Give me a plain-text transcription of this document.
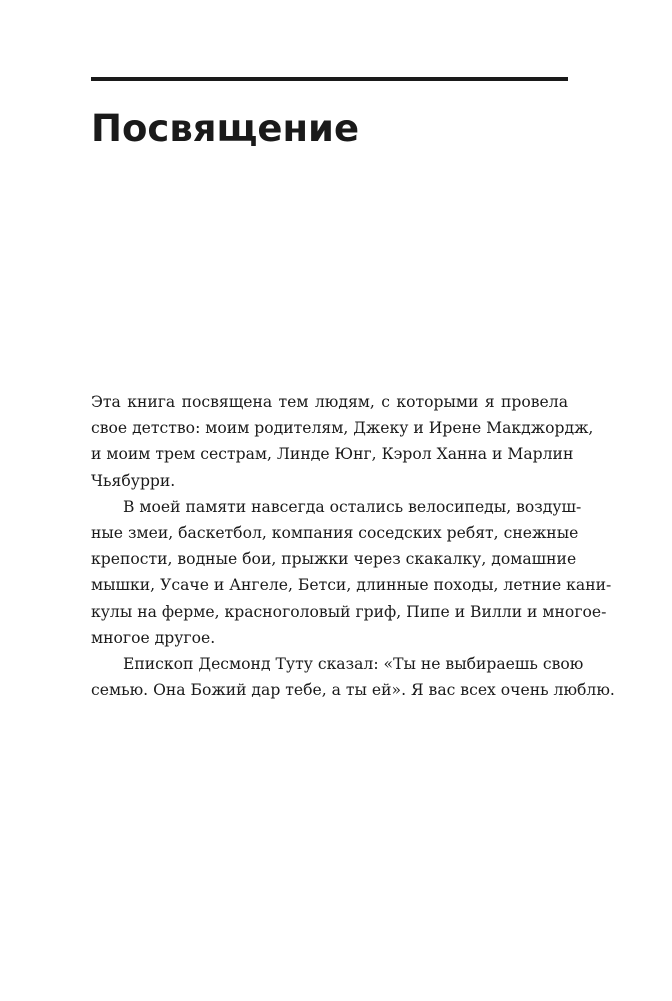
Посвящение

Эта книга посвящена тем людям, с которыми я провела
свое детство: моим родителям, Джеку и Ирене Макджордж,
и моим трем сестрам, Линде Юнг, Кэрол Ханна и Марлин
Чьябурри.

В моей памяти навсегда остались велосипеды, воздуш-
ные змеи, баскетбол, компания соседских ребят, снежные
крепости, водные бои, прыжки через скакалку, домашние
мышки, Усаче и Ангеле, Бетси, длинные походы, летние кани-
кулы на ферме, красноголовый гриф, Пипе и Вилли и многое-
многое другое.

Епископ Десмонд Туту сказал: «Ты не выбираешь свою
семью. Она Божий дар тебе, а ты ей». Я вас всех очень люблю.
